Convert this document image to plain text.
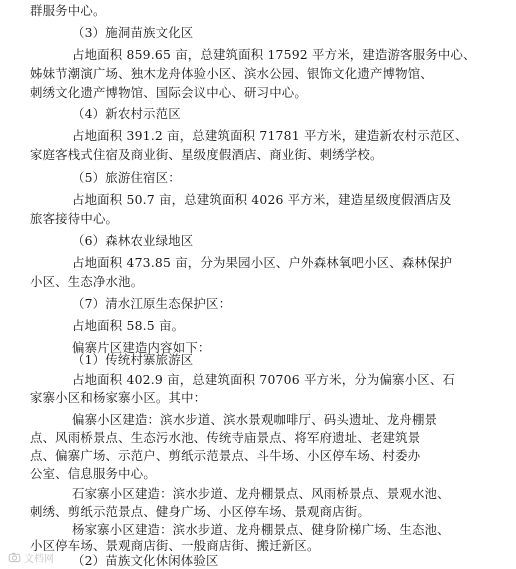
群服务中心。
（3）施洞苗族文化区
占地面积 859.65 亩，总建筑面积 17592 平方米，建造游客服务中心、
姊妹节潮演广场、独木龙舟体验小区、滨水公园、银饰文化遗产博物馆、
刺绣文化遗产博物馆、国际会议中心、研习中心。
（4）新农村示范区
占地面积 391.2 亩，总建筑面积 71781 平方米，建造新农村示范区、
家庭客栈式住宿及商业街、星级度假酒店、商业街、刺绣学校。
（5）旅游住宿区：
占地面积 50.7 亩，总建筑面积 4026 平方米，建造星级度假酒店及
旅客接待中心。
（6）森林农业绿地区
占地面积 473.85 亩，分为果园小区、户外森林氧吧小区、森林保护
小区、生态净水池。
（7）清水江原生态保护区：
占地面积 58.5 亩。
偏寨片区建造内容如下：
（1）传统村寨旅游区
占地面积 402.9 亩，总建筑面积 70706 平方米，分为偏寨小区、石
家寨小区和杨家寨小区。其中：
偏寨小区建造：滨水步道、滨水景观咖啡厅、码头遗址、龙舟棚景
点、风雨桥景点、生态污水池、传统寺庙景点、将军府遗址、老建筑景
点、偏寨广场、示范户、剪纸示范景点、斗牛场、小区停车场、村委办
公室、信息服务中心。
石家寨小区建造：滨水步道、龙舟棚景点、风雨桥景点、景观水池、
刺绣、剪纸示范景点、健身广场、小区停车场、景观商店街。
杨家寨小区建造：滨水步道、龙舟棚景点、健身阶梯广场、生态池、
小区停车场、景观商店街、一般商店街、搬迁新区。
（2）苗族文化休闲体验区
文档网
